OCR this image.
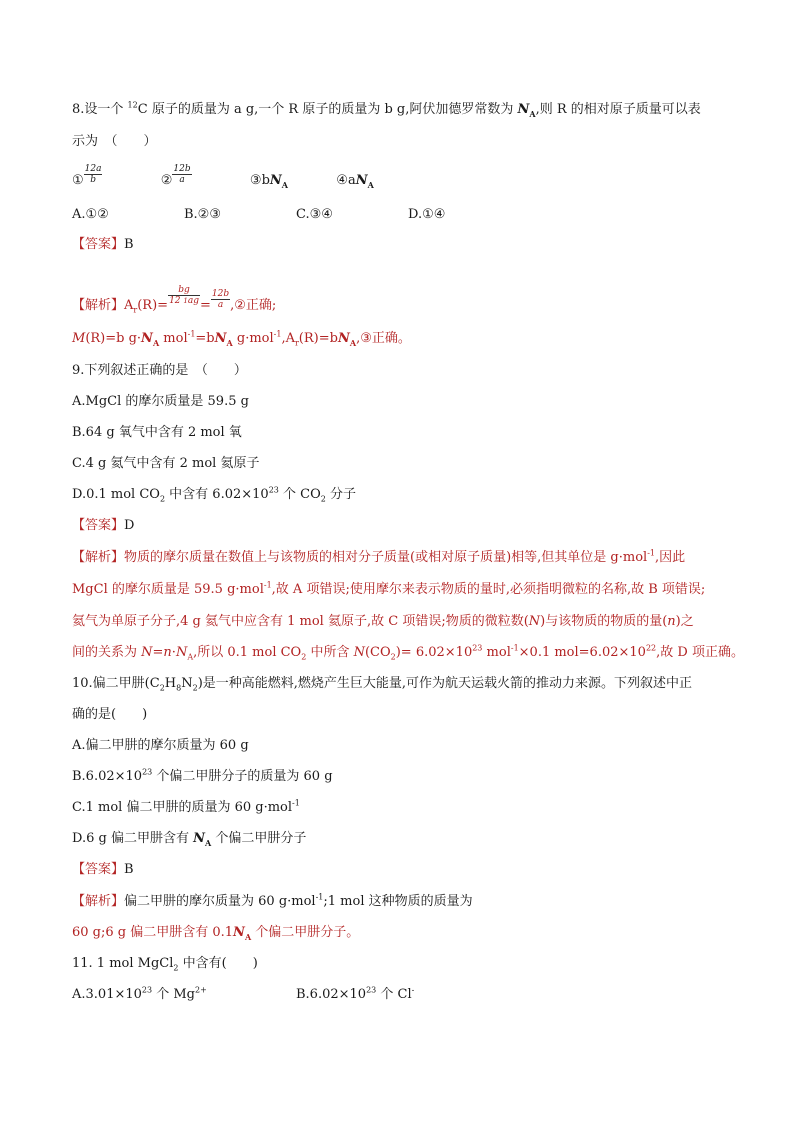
8.设一个 $^{12}$C 原子的质量为 a g,一个 R 原子的质量为 b g,阿伏加德罗常数为 $N_A$,则 R 的相对原子质量可以表
示为　（　　）
① $\frac{12a}{b}$	② $\frac{12b}{a}$	$③bN_A$	$④aN_A$
A.①②	B.②③	C.③④	D.①④
【答案】B
【解析】$A_r(R)= \frac{bg}{12 1ag} = \frac{12b}{a}$ ,②正确;
M(R)=b $g\cdot N_A$ $mol^{-1}=bN_A$ $g\cdot mol^{-1},A_r(R)=bN_A,③$正确。
9.下列叙述正确的是　（　　）
A.MgCl 的摩尔质量是 59.5 g
B.64 g 氧气中含有 2 mol 氧
C.4 g 氦气中含有 2 mol 氦原子
D.0.1 mol $CO_2$ 中含有 $6.02\times 10^{23}$ 个 $CO_2$ 分子
【答案】D
【解析】物质的摩尔质量在数值上与该物质的相对分子质量(或相对原子质量)相等,但其单位是 g·mol$^{-1}$,因此
MgCl 的摩尔质量是 59.5 g·mol$^{-1}$,故 A 项错误;使用摩尔来表示物质的量时,必须指明微粒的名称,故 B 项错误;
氦气为单原子分子,4 g 氦气中应含有 1 mol 氦原子,故 C 项错误;物质的微粒数(N)与该物质的物质的量(n)之
间的关系为 $N=n\cdot N_A$,所以 0.1 mol $CO_2$ 中所含 $N(CO_2)= 6.02\times 10^{23}$ mol$^{-1}$×0.1 $mol=6.02\times 10^{22}$,故 D 项正确。
10.偏二甲肼$(C_2H_8N_2)$是一种高能燃料,燃烧产生巨大能量,可作为航天运载火箭的推动力来源。下列叙述中正
确的是(　　)
A.偏二甲肼的摩尔质量为 60 g
$B.6.02\times 10^{23}$ 个偏二甲肼分子的质量为 60 g
C.1 mol 偏二甲肼的质量为 60 g·mol$^{-1}$
D.6 g 偏二甲肼含有 $N_A$ 个偏二甲肼分子
【答案】B
【解析】偏二甲肼的摩尔质量为 60 g·mol$^{-1}$;1 mol 这种物质的质量为
60 g;6 g 偏二甲肼含有 $0.1N_A$ 个偏二甲肼分子。
11. 1 mol MgCl$_2$ 中含有(　　)
$A.3.01\times 10^{23}$ 个 $Mg^{2+}$	$B.6.02\times 10^{23}$ 个 Cl-
